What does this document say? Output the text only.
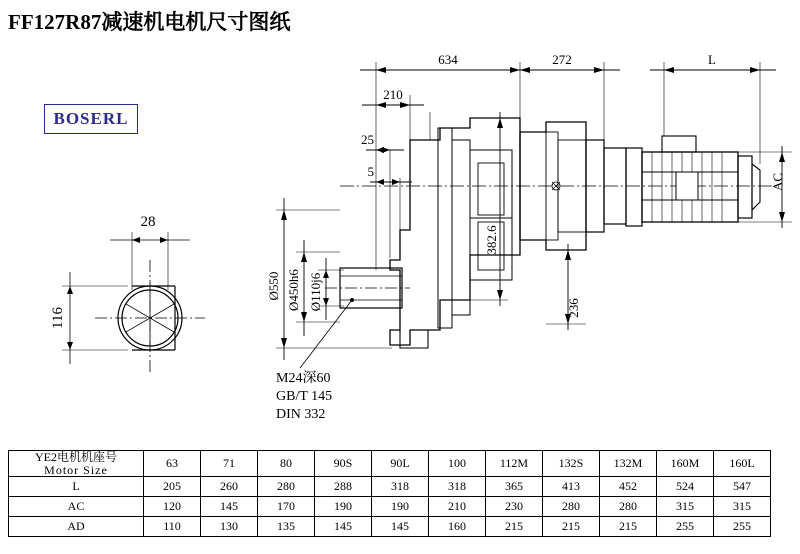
FF127R87减速机电机尺寸图纸
BOSERL
634	272	L
210
25
5
Ø550 Ø450h6 Ø110j6
382.6
236
AC
28
116
M24深60
GB/T 145
DIN 332
YE2电机机座号
Motor Size	63	71	80	90S	90L	100	112M	132S	132M	160M	160L
L	205	260	280	288	318	318	365	413	452	524	547
AC	120	145	170	190	190	210	230	280	280	315	315
AD	110	130	135	145	145	160	215	215	215	255	255
